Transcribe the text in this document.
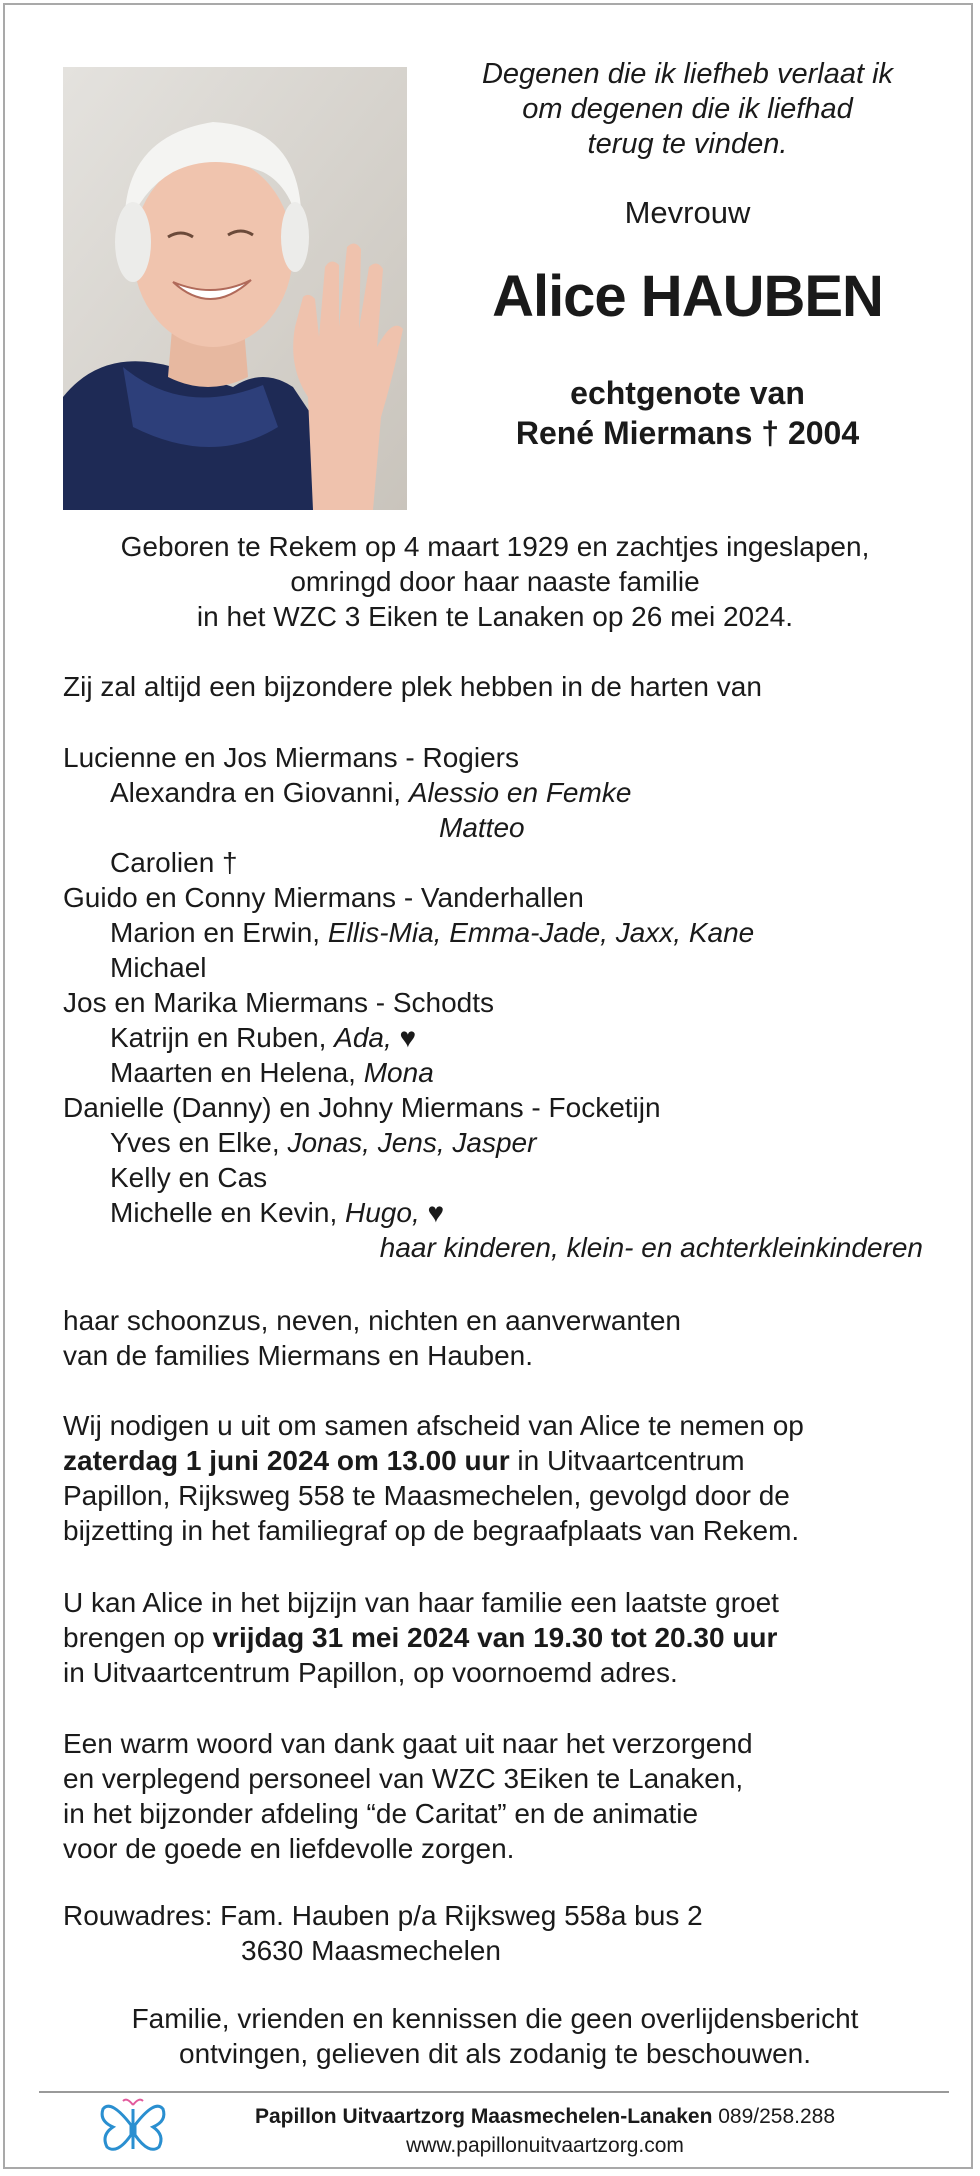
Degenen die ik liefheb verlaat ik
om degenen die ik liefhad
terug te vinden.
Mevrouw
Alice HAUBEN
echtgenote van
René Miermans † 2004
Geboren te Rekem op 4 maart 1929 en zachtjes ingeslapen,
omringd door haar naaste familie
in het WZC 3 Eiken te Lanaken op 26 mei 2024.
Zij zal altijd een bijzondere plek hebben in de harten van
Lucienne en Jos Miermans - Rogiers
Alexandra en Giovanni, Alessio en Femke
Matteo
Carolien †
Guido en Conny Miermans - Vanderhallen
Marion en Erwin, Ellis-Mia, Emma-Jade, Jaxx, Kane
Michael
Jos en Marika Miermans - Schodts
Katrijn en Ruben, Ada, ♥
Maarten en Helena, Mona
Danielle (Danny) en Johny Miermans - Focketijn
Yves en Elke, Jonas, Jens, Jasper
Kelly en Cas
Michelle en Kevin, Hugo, ♥
haar kinderen, klein- en achterkleinkinderen
haar schoonzus, neven, nichten en aanverwanten
van de families Miermans en Hauben.
Wij nodigen u uit om samen afscheid van Alice te nemen op
zaterdag 1 juni 2024 om 13.00 uur in Uitvaartcentrum
Papillon, Rijksweg 558 te Maasmechelen, gevolgd door de
bijzetting in het familiegraf op de begraafplaats van Rekem.
U kan Alice in het bijzijn van haar familie een laatste groet
brengen op vrijdag 31 mei 2024 van 19.30 tot 20.30 uur
in Uitvaartcentrum Papillon, op voornoemd adres.
Een warm woord van dank gaat uit naar het verzorgend
en verplegend personeel van WZC 3Eiken te Lanaken,
in het bijzonder afdeling “de Caritat” en de animatie
voor de goede en liefdevolle zorgen.
Rouwadres: Fam. Hauben p/a Rijksweg 558a bus 2
3630 Maasmechelen
Familie, vrienden en kennissen die geen overlijdensbericht
ontvingen, gelieven dit als zodanig te beschouwen.
Papillon Uitvaartzorg Maasmechelen-Lanaken 089/258.288
www.papillonuitvaartzorg.com
